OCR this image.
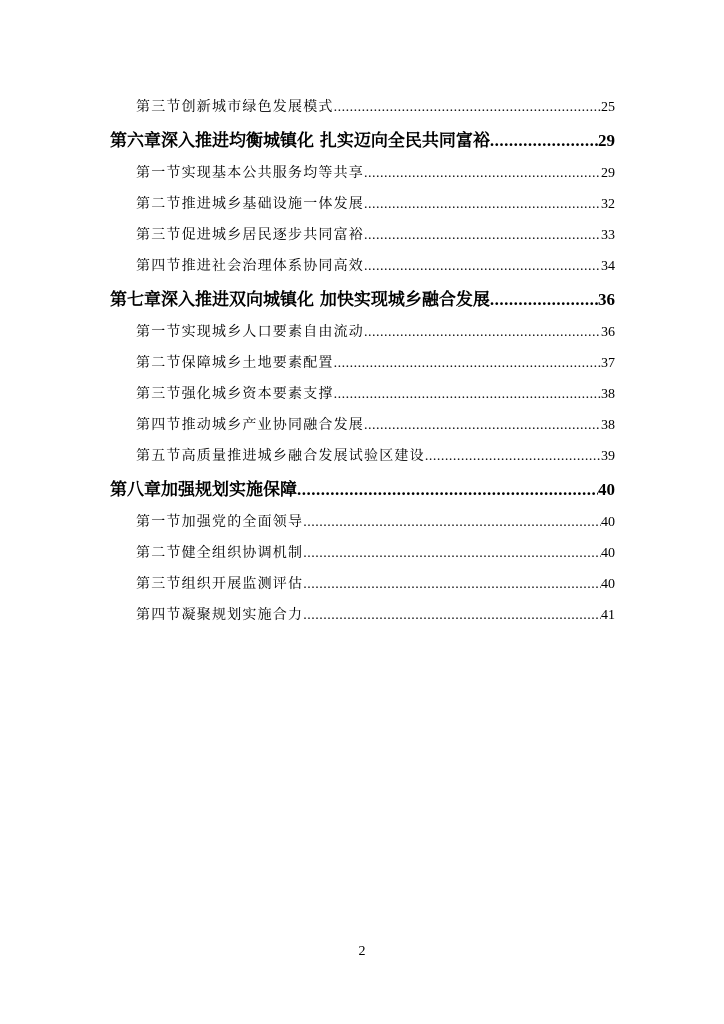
第三节 创新城市绿色发展模式 .....	25
第六章 深入推进均衡城镇化 扎实迈向全民共同富裕 .....	29
第一节 实现基本公共服务均等共享 .....	29
第二节 推进城乡基础设施一体发展 .....	32
第三节 促进城乡居民逐步共同富裕 .....	33
第四节 推进社会治理体系协同高效 .....	34
第七章 深入推进双向城镇化 加快实现城乡融合发展 .....	36
第一节 实现城乡人口要素自由流动 .....	36
第二节 保障城乡土地要素配置 .....	37
第三节 强化城乡资本要素支撑 .....	38
第四节 推动城乡产业协同融合发展 .....	38
第五节 高质量推进城乡融合发展试验区建设 .....	39
第八章 加强规划实施保障 .....	40
第一节 加强党的全面领导 .....	40
第二节 健全组织协调机制 .....	40
第三节 组织开展监测评估 .....	40
第四节 凝聚规划实施合力 .....	41
2
